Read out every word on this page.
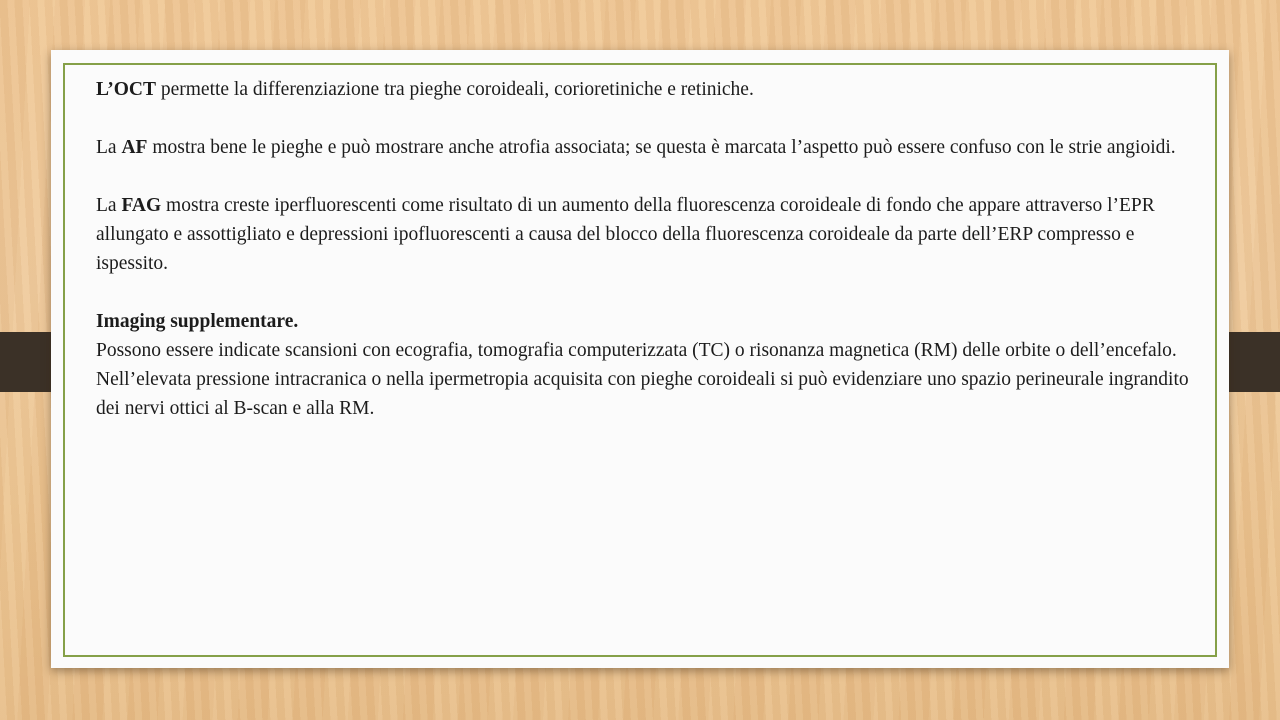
L’OCT permette la differenziazione tra pieghe coroideali, corioretiniche e retiniche.

La AF mostra bene le pieghe e può mostrare anche atrofia associata; se questa è marcata l’aspetto può essere confuso con le strie angioidi.

La FAG mostra creste iperfluorescenti come risultato di un aumento della fluorescenza coroideale di fondo che appare attraverso l’EPR allungato e assottigliato e depressioni ipofluorescenti a causa del blocco della fluorescenza coroideale da parte dell’ERP compresso e ispessito.

Imaging supplementare.

Possono essere indicate scansioni con ecografia, tomografia computerizzata (TC) o risonanza magnetica (RM) delle orbite o dell’encefalo.

Nell’elevata pressione intracranica o nella ipermetropia acquisita con pieghe coroideali si può evidenziare uno spazio perineurale ingrandito dei nervi ottici al B-scan e alla RM.
